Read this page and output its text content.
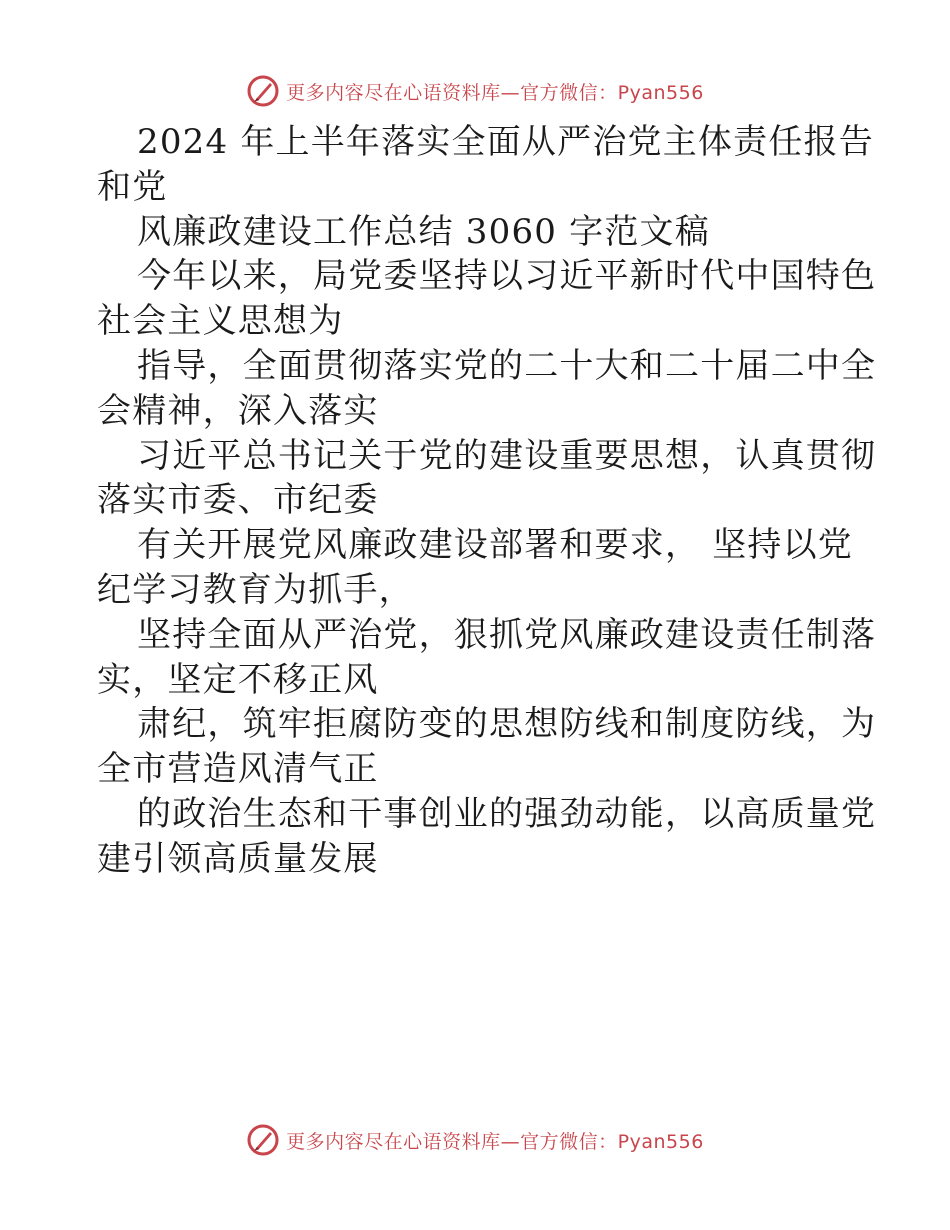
更多内容尽在心语资料库—官方微信：Pyan556
2024 年上半年落实全面从严治党主体责任报告
和党
风廉政建设工作总结 3060 字范文稿
今年以来，局党委坚持以习近平新时代中国特色
社会主义思想为
指导，全面贯彻落实党的二十大和二十届二中全
会精神，深入落实
习近平总书记关于党的建设重要思想，认真贯彻
落实市委、市纪委
有关开展党风廉政建设部署和要求， 坚持以党
纪学习教育为抓手，
坚持全面从严治党，狠抓党风廉政建设责任制落
实，坚定不移正风
肃纪，筑牢拒腐防变的思想防线和制度防线，为
全市营造风清气正
的政治生态和干事创业的强劲动能，以高质量党
建引领高质量发展
更多内容尽在心语资料库—官方微信：Pyan556
